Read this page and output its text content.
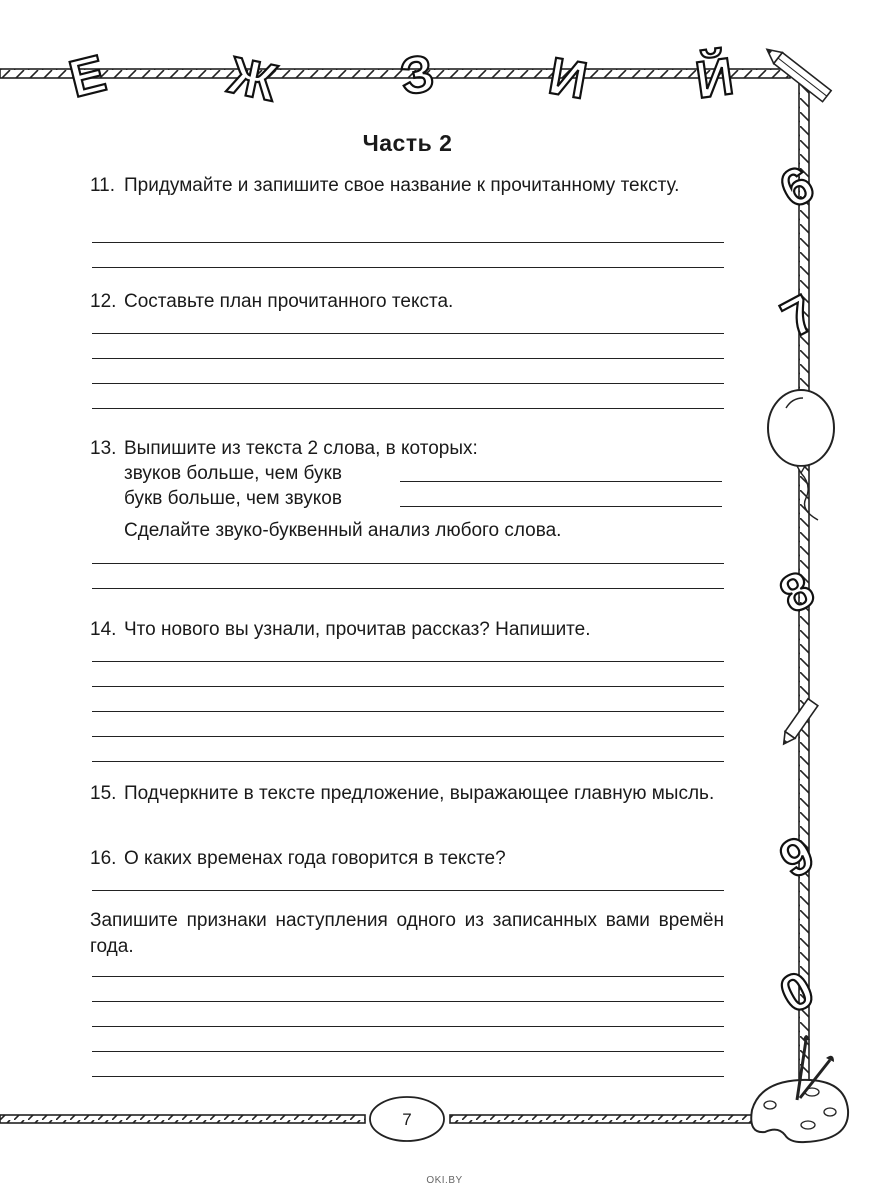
Е Ж З И Й
6
7
8
9
0
Часть 2
11. Придумайте и запишите свое название к прочитанному тексту.
12. Составьте план прочитанного текста.
13. Выпишите из текста 2 слова, в которых:
звуков больше, чем букв
букв больше, чем звуков
Сделайте звуко-буквенный анализ любого слова.
14. Что нового вы узнали, прочитав рассказ? Напишите.
15. Подчеркните в тексте предложение, выражающее главную мысль.
16. О каких временах года говорится в тексте?
Запишите признаки наступления одного из записанных вами времён года.
7
OKI.BY
